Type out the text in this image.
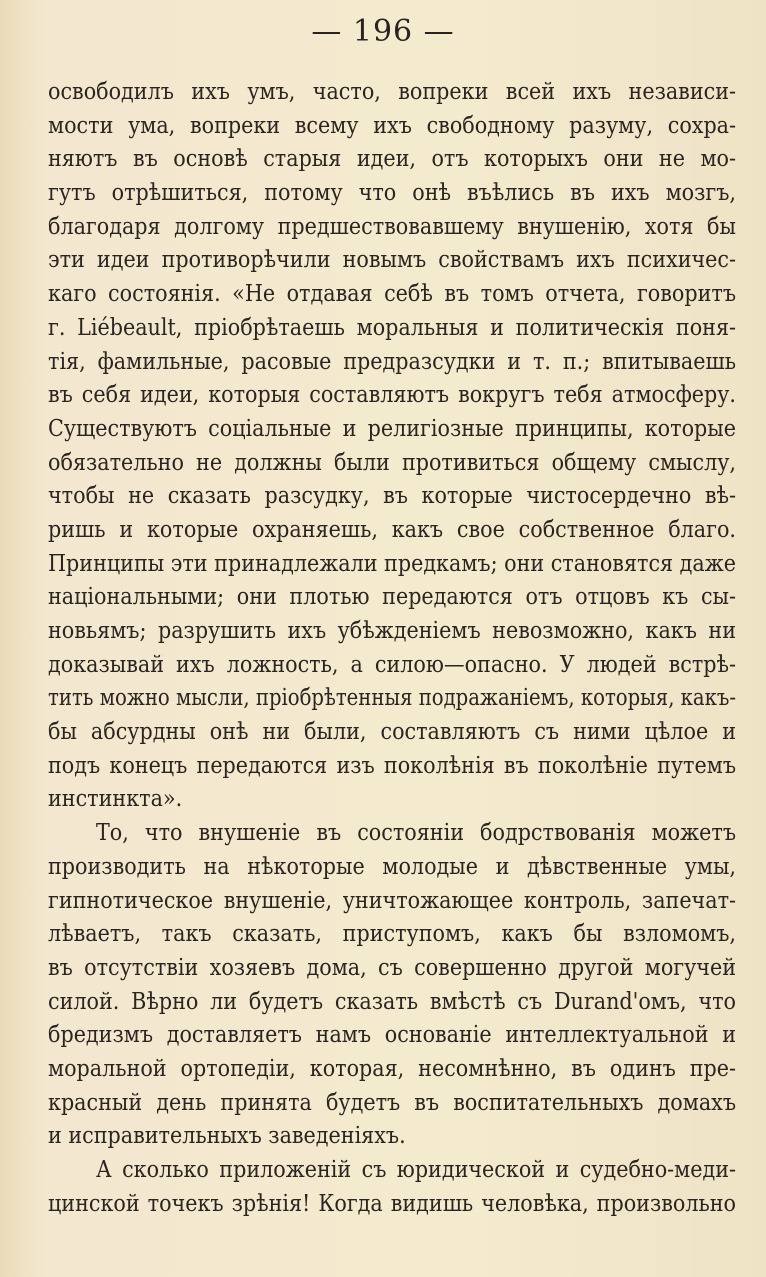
— 196 —
освободилъ ихъ умъ, часто, вопреки всей ихъ независи-
мости ума, вопреки всему ихъ свободному разуму, сохра-
няютъ въ основѣ старыя идеи, отъ которыхъ они не мо-
гутъ отрѣшиться, потому что онѣ въѣлись въ ихъ мозгъ,
благодаря долгому предшествовавшему внушенію, хотя бы
эти идеи противорѣчили новымъ свойствамъ ихъ психичес-
каго состоянія. «Не отдавая себѣ въ томъ отчета, говоритъ
г. Liébeault, пріобрѣтаешь моральныя и политическія поня-
тія, фамильные, расовые предразсудки и т. п.; впитываешь
въ себя идеи, которыя составляютъ вокругъ тебя атмосферу.
Существуютъ соціальные и религіозные принципы, которые
обязательно не должны были противиться общему смыслу,
чтобы не сказать разсудку, въ которые чистосердечно вѣ-
ришь и которые охраняешь, какъ свое собственное благо.
Принципы эти принадлежали предкамъ; они становятся даже
національными; они плотью передаются отъ отцовъ къ сы-
новьямъ; разрушить ихъ убѣжденіемъ невозможно, какъ ни
доказывай ихъ ложность, а силою—опасно. У людей встрѣ-
тить можно мысли, пріобрѣтенныя подражаніемъ, которыя, какъ-
бы абсурдны онѣ ни были, составляютъ съ ними цѣлое и
подъ конецъ передаются изъ поколѣнія въ поколѣніе путемъ
инстинкта».
То, что внушеніе въ состояніи бодрствованія можетъ
производить на нѣкоторые молодые и дѣвственные умы,
гипнотическое внушеніе, уничтожающее контроль, запечат-
лѣваетъ, такъ сказать, приступомъ, какъ бы взломомъ,
въ отсутствіи хозяевъ дома, съ совершенно другой могучей
силой. Вѣрно ли будетъ сказать вмѣстѣ съ Durand'омъ, что
бредизмъ доставляетъ намъ основаніе интеллектуальной и
моральной ортопедіи, которая, несомнѣнно, въ одинъ пре-
красный день принята будетъ въ воспитательныхъ домахъ
и исправительныхъ заведеніяхъ.
А сколько приложеній съ юридической и судебно-меди-
цинской точекъ зрѣнія! Когда видишь человѣка, произвольно
